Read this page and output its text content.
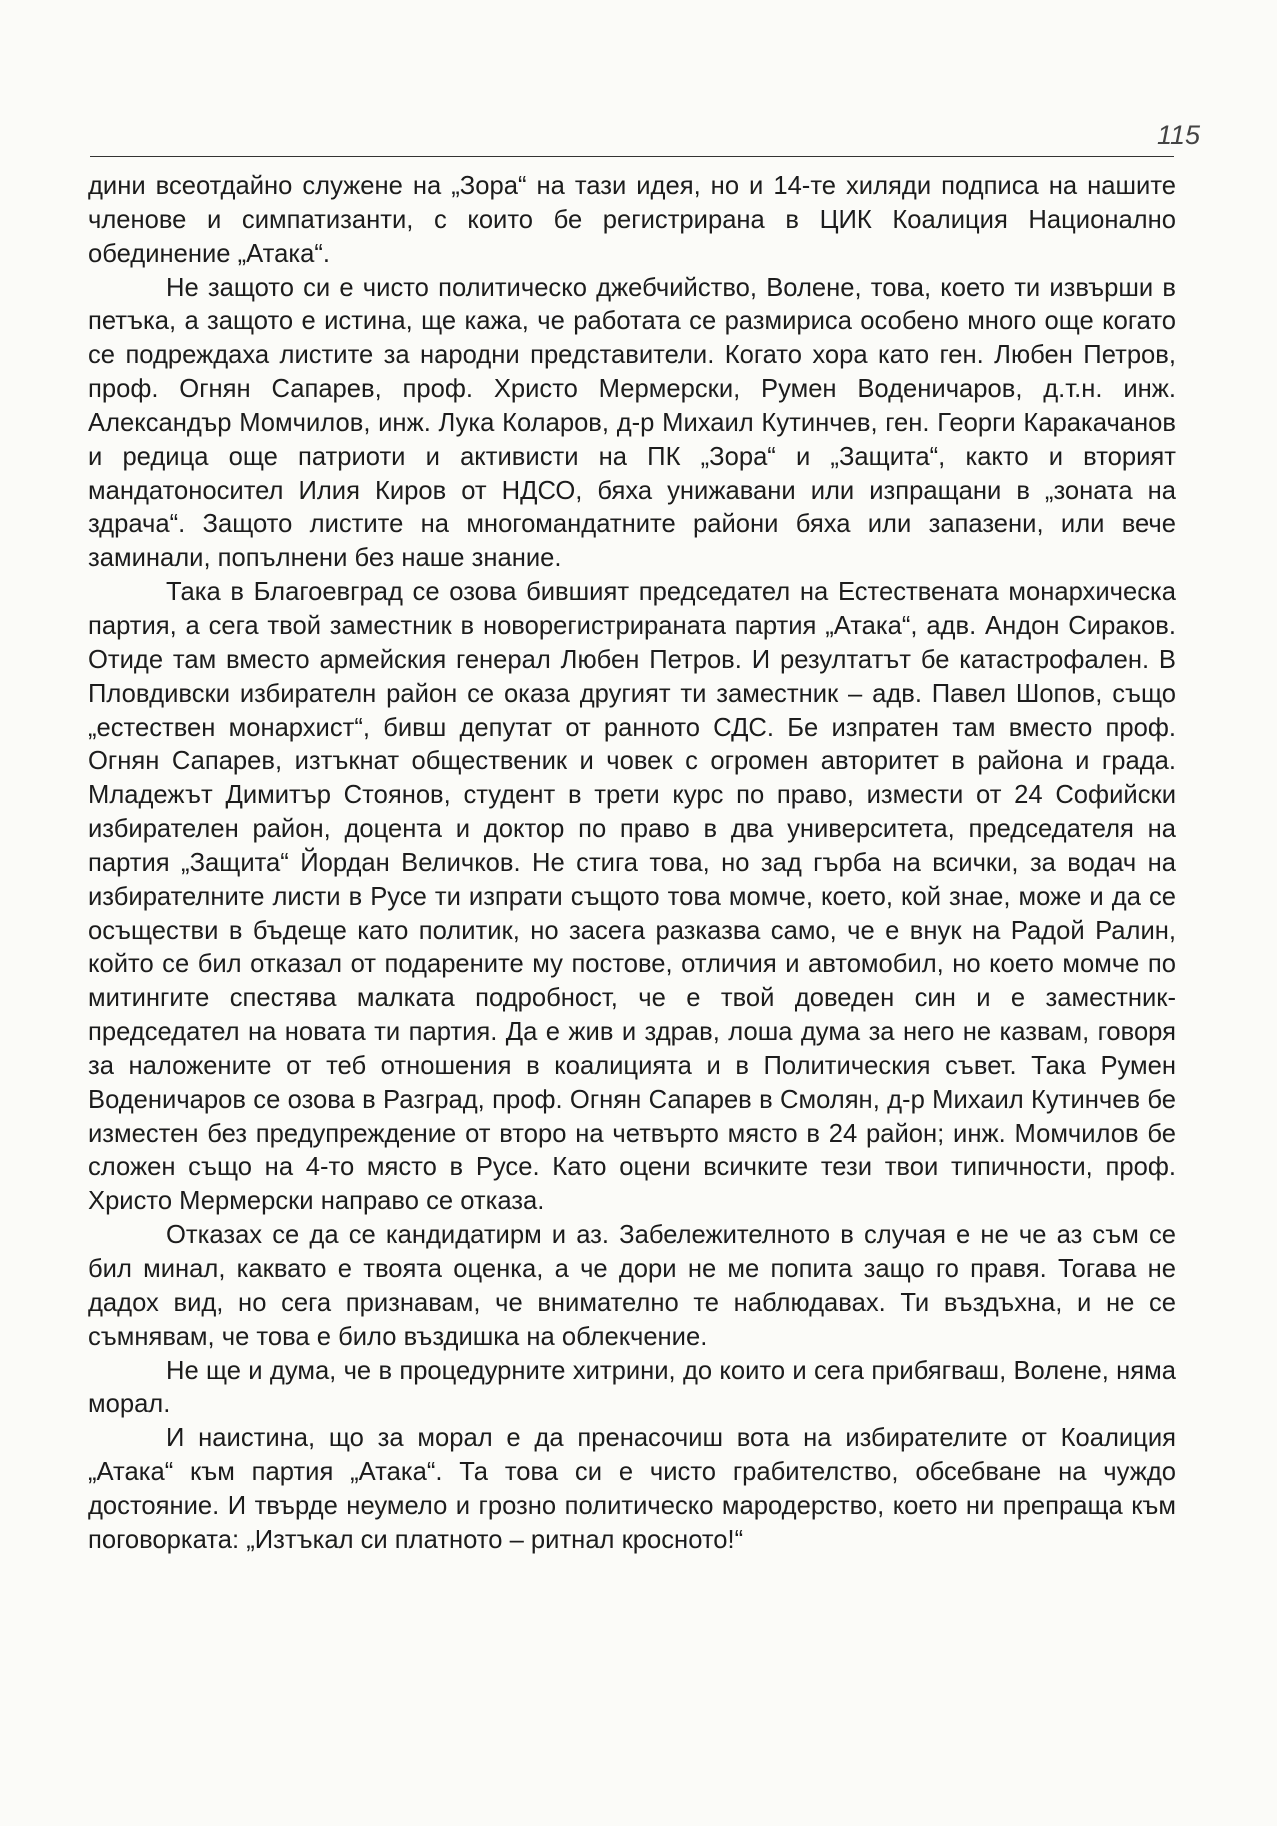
115

дини всеотдайно служене на „Зора“ на тази идея, но и 14-те хиляди подписа на нашите членове и симпатизанти, с които бе регистрирана в ЦИК Коалиция Национално обединение „Атака“.

Не защото си е чисто политическо джебчийство, Волене, това, което ти извърши в петъка, а защото е истина, ще кажа, че работата се размириса особено много още когато се подреждаха листите за народни представители. Когато хора като ген. Любен Петров, проф. Огнян Сапарев, проф. Христо Мермерски, Румен Воденичаров, д.т.н. инж. Александър Момчилов, инж. Лука Коларов, д-р Михаил Кутинчев, ген. Георги Каракачанов и редица още патриоти и активисти на ПК „Зора“ и „Защита“, както и вторият мандатоносител Илия Киров от НДСО, бяха унижавани или изпращани в „зоната на здрача“. Защото листите на многомандатните райони бяха или запазени, или вече заминали, попълнени без наше знание.

Така в Благоевград се озова бившият председател на Естествената монархическа партия, а сега твой заместник в новорегистрираната партия „Атака“, адв. Андон Сираков. Отиде там вместо армейския генерал Любен Петров. И резултатът бе катастрофален. В Пловдивски избирателн район се оказа другият ти заместник – адв. Павел Шопов, също „естествен монархист“, бивш депутат от ранното СДС. Бе изпратен там вместо проф. Огнян Сапарев, изтъкнат общественик и човек с огромен авторитет в района и града. Младежът Димитър Стоянов, студент в трети курс по право, измести от 24 Софийски избирателен район, доцента и доктор по право в два университета, председателя на партия „Защита“ Йордан Величков. Не стига това, но зад гърба на всички, за водач на избирателните листи в Русе ти изпрати същото това момче, което, кой знае, може и да се осъществи в бъдеще като политик, но засега разказва само, че е внук на Радой Ралин, който се бил отказал от подарените му постове, отличия и автомобил, но което момче по митингите спестява малката подробност, че е твой доведен син и е заместник-председател на новата ти партия. Да е жив и здрав, лоша дума за него не казвам, говоря за наложените от теб отношения в коалицията и в Политическия съвет. Така Румен Воденичаров се озова в Разград, проф. Огнян Сапарев в Смолян, д-р Михаил Кутинчев бе изместен без предупреждение от второ на четвърто място в 24 район; инж. Момчилов бе сложен също на 4-то място в Русе. Като оцени всичките тези твои типичности, проф. Христо Мермерски направо се отказа.

Отказах се да се кандидатирм и аз. Забележителното в случая е не че аз съм се бил минал, каквато е твоята оценка, а че дори не ме попита защо го правя. Тогава не дадох вид, но сега признавам, че внимателно те наблюдавах. Ти въздъхна, и не се съмнявам, че това е било въздишка на облекчение.

Не ще и дума, че в процедурните хитрини, до които и сега прибягваш, Волене, няма морал.

И наистина, що за морал е да пренасочиш вота на избирателите от Коалиция „Атака“ към партия „Атака“. Та това си е чисто грабителство, обсебване на чуждо достояние. И твърде неумело и грозно политическо мародерство, което ни препраща към поговорката: „Изтъкал си платното – ритнал кросното!“
